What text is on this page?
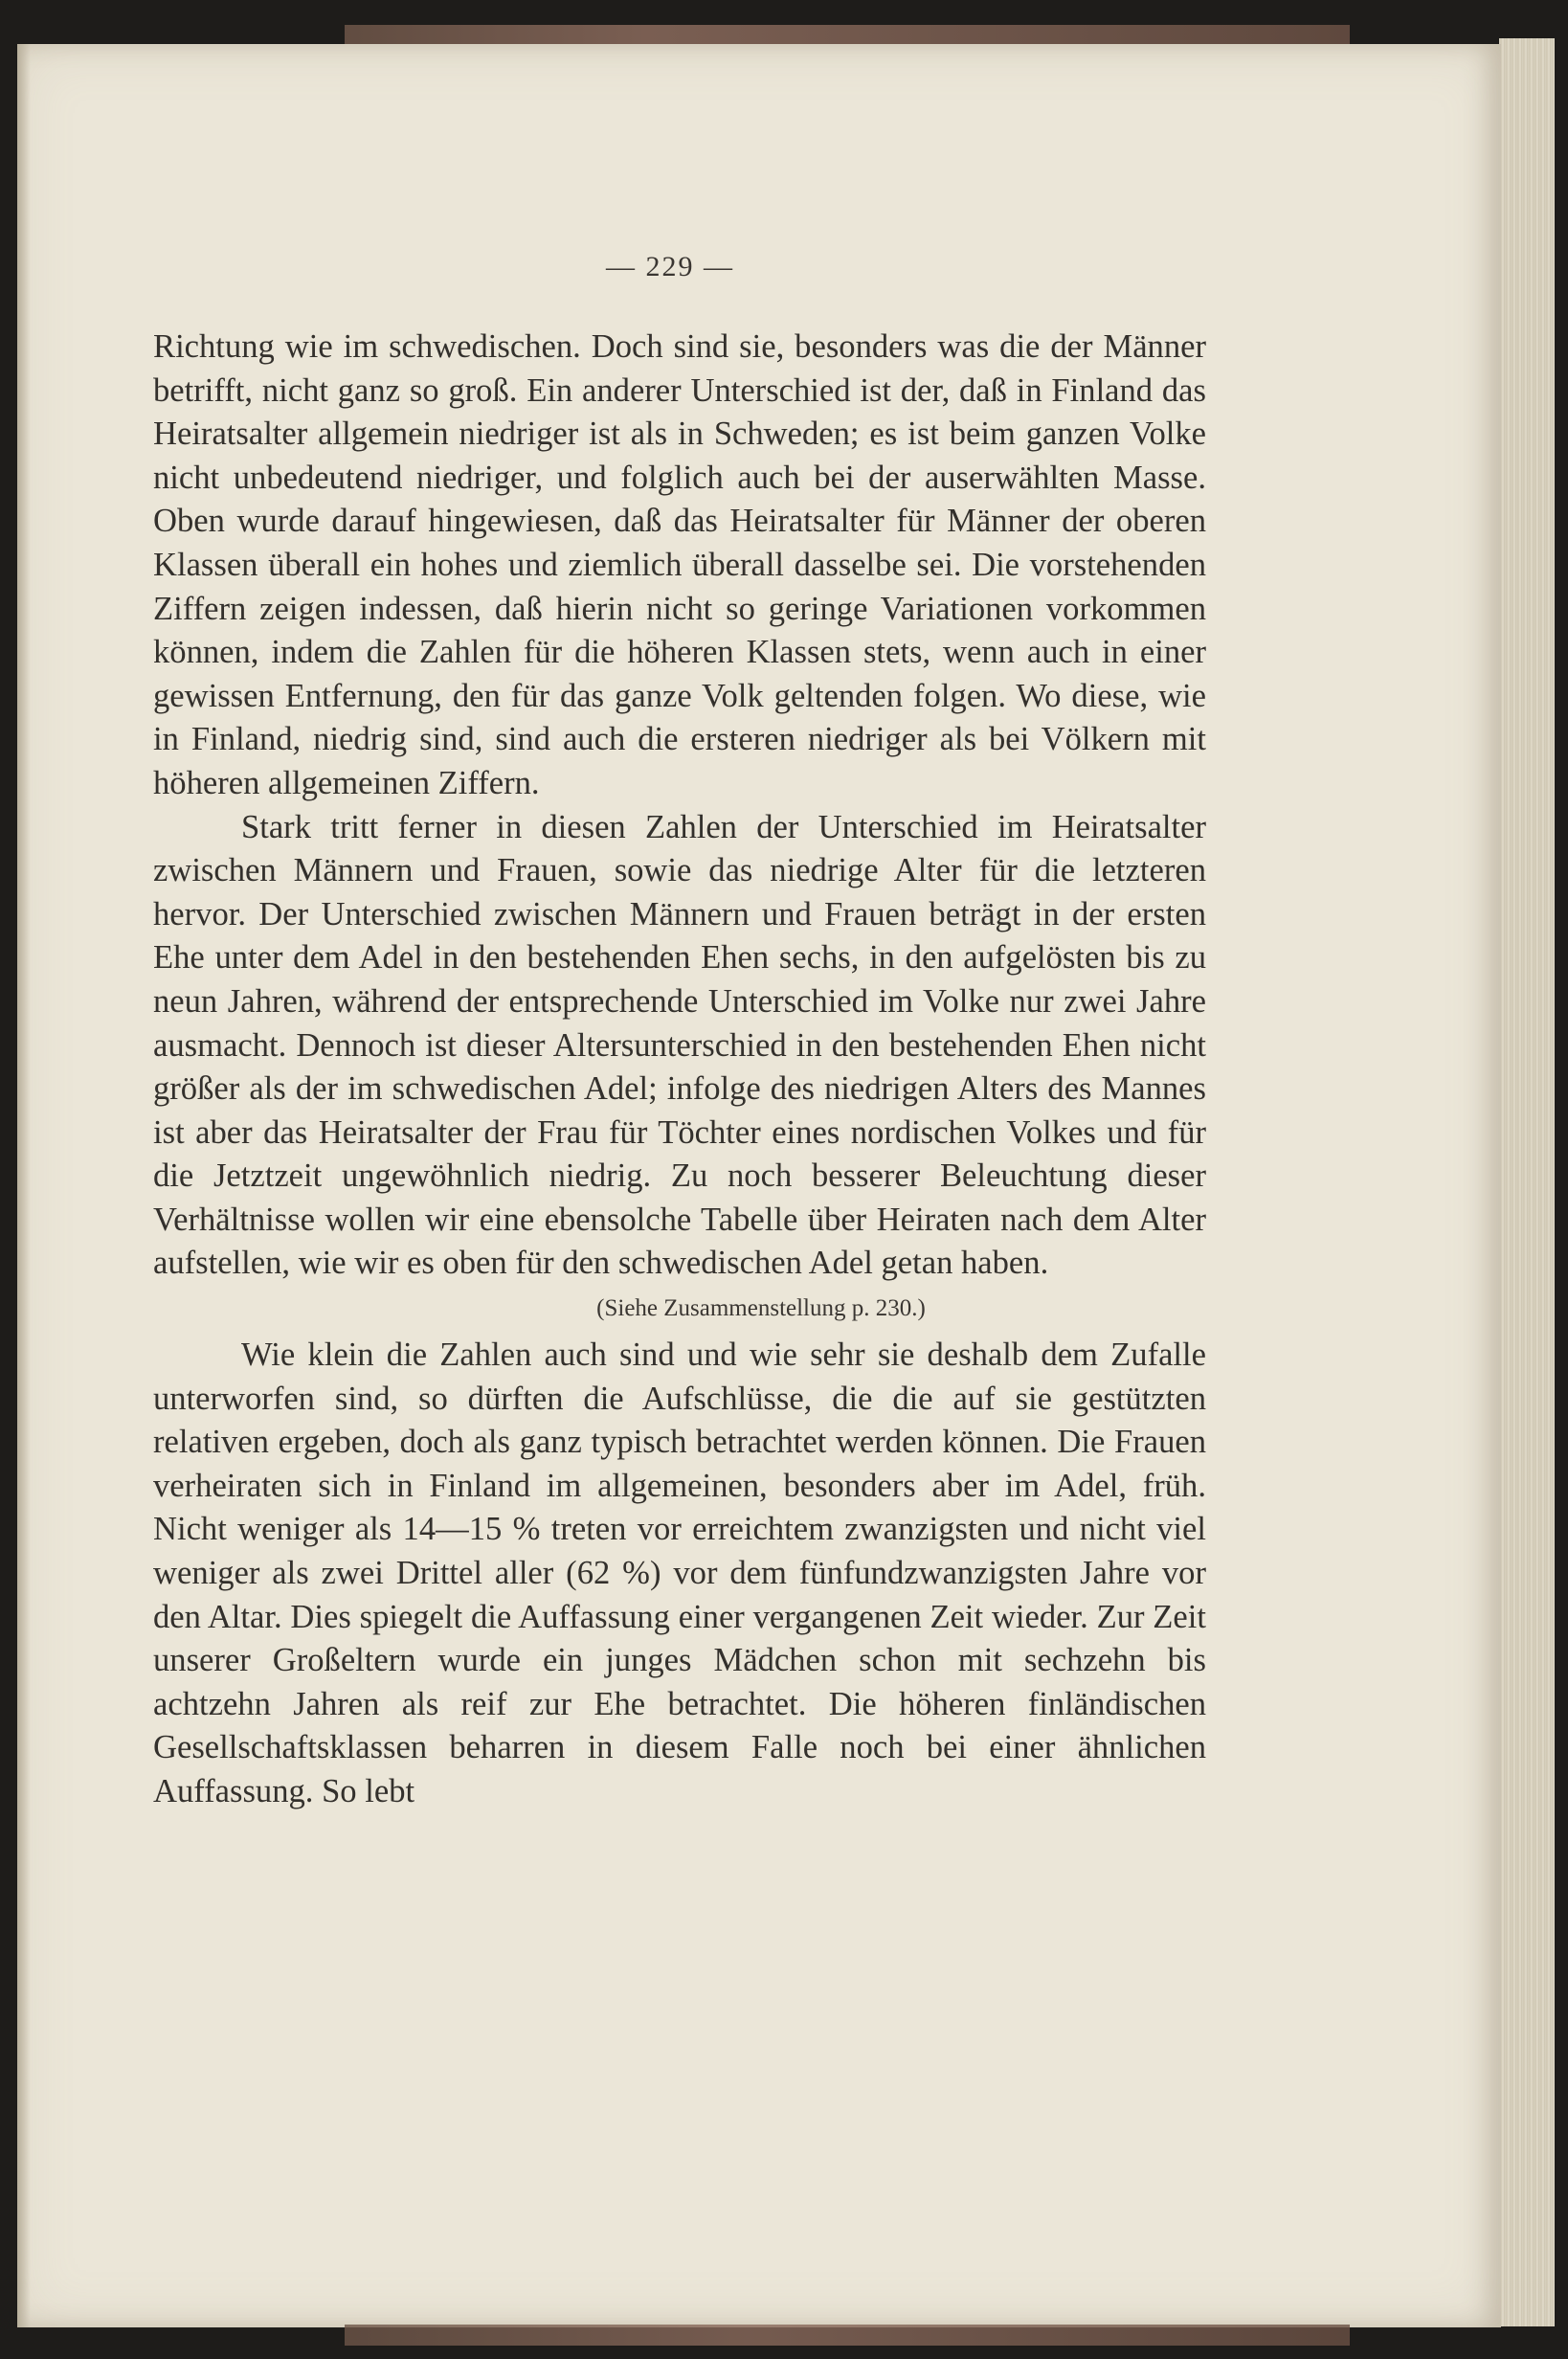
— 229 —

Richtung wie im schwedischen. Doch sind sie, besonders was die der Männer betrifft, nicht ganz so groß. Ein anderer Unterschied ist der, daß in Finland das Heiratsalter allgemein niedriger ist als in Schweden; es ist beim ganzen Volke nicht unbedeutend niedriger, und folglich auch bei der auserwählten Masse. Oben wurde darauf hingewiesen, daß das Heiratsalter für Männer der oberen Klassen überall ein hohes und ziemlich überall dasselbe sei. Die vorstehenden Ziffern zeigen indessen, daß hierin nicht so geringe Variationen vorkommen können, indem die Zahlen für die höheren Klassen stets, wenn auch in einer gewissen Entfernung, den für das ganze Volk geltenden folgen. Wo diese, wie in Finland, niedrig sind, sind auch die ersteren niedriger als bei Völkern mit höheren allgemeinen Ziffern.

Stark tritt ferner in diesen Zahlen der Unterschied im Heiratsalter zwischen Männern und Frauen, sowie das niedrige Alter für die letzteren hervor. Der Unterschied zwischen Männern und Frauen beträgt in der ersten Ehe unter dem Adel in den bestehenden Ehen sechs, in den aufgelösten bis zu neun Jahren, während der entsprechende Unterschied im Volke nur zwei Jahre ausmacht. Dennoch ist dieser Altersunterschied in den bestehenden Ehen nicht größer als der im schwedischen Adel; infolge des niedrigen Alters des Mannes ist aber das Heiratsalter der Frau für Töchter eines nordischen Volkes und für die Jetztzeit ungewöhnlich niedrig. Zu noch besserer Beleuchtung dieser Verhältnisse wollen wir eine ebensolche Tabelle über Heiraten nach dem Alter aufstellen, wie wir es oben für den schwedischen Adel getan haben.

(Siehe Zusammenstellung p. 230.)

Wie klein die Zahlen auch sind und wie sehr sie deshalb dem Zufalle unterworfen sind, so dürften die Aufschlüsse, die die auf sie gestützten relativen ergeben, doch als ganz typisch betrachtet werden können. Die Frauen verheiraten sich in Finland im allgemeinen, besonders aber im Adel, früh. Nicht weniger als 14—15 % treten vor erreichtem zwanzigsten und nicht viel weniger als zwei Drittel aller (62 %) vor dem fünfundzwanzigsten Jahre vor den Altar. Dies spiegelt die Auffassung einer vergangenen Zeit wieder. Zur Zeit unserer Großeltern wurde ein junges Mädchen schon mit sechzehn bis achtzehn Jahren als reif zur Ehe betrachtet. Die höheren finländischen Gesellschaftsklassen beharren in diesem Falle noch bei einer ähnlichen Auffassung. So lebt
